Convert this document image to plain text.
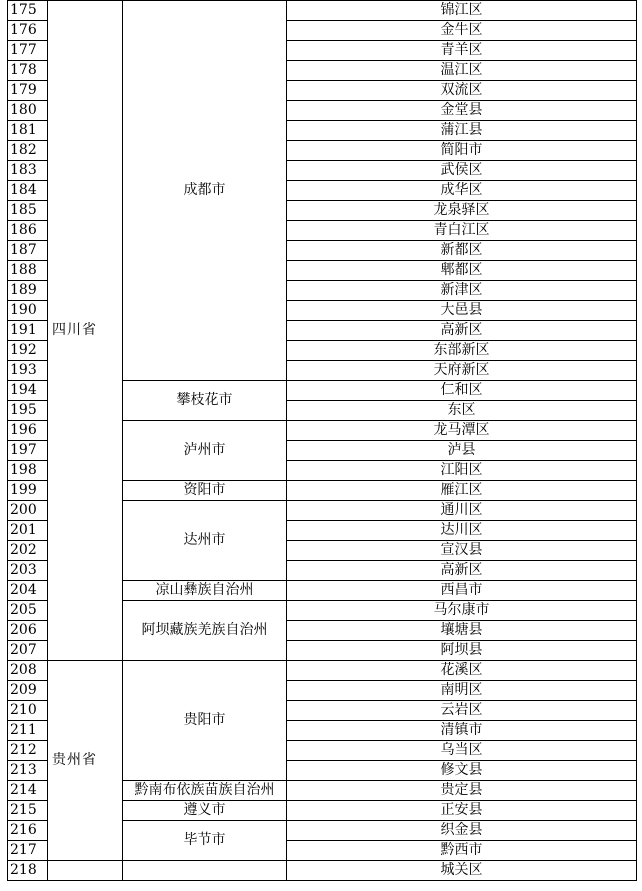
175	四川省	成都市	锦江区
176			金牛区
177			青羊区
178			温江区
179			双流区
180			金堂县
181			蒲江县
182			简阳市
183			武侯区
184			成华区
185			龙泉驿区
186			青白江区
187			新都区
188			郫都区
189			新津区
190			大邑县
191			高新区
192			东部新区
193			天府新区
194		攀枝花市	仁和区
195			东区
196		泸州市	龙马潭区
197			泸县
198			江阳区
199		资阳市	雁江区
200		达州市	通川区
201			达川区
202			宣汉县
203			高新区
204		凉山彝族自治州	西昌市
205		阿坝藏族羌族自治州	马尔康市
206			壤塘县
207			阿坝县
208	贵州省	贵阳市	花溪区
209			南明区
210			云岩区
211			清镇市
212			乌当区
213			修文县
214		黔南布依族苗族自治州	贵定县
215		遵义市	正安县
216		毕节市	织金县
217			黔西市
218			城关区
